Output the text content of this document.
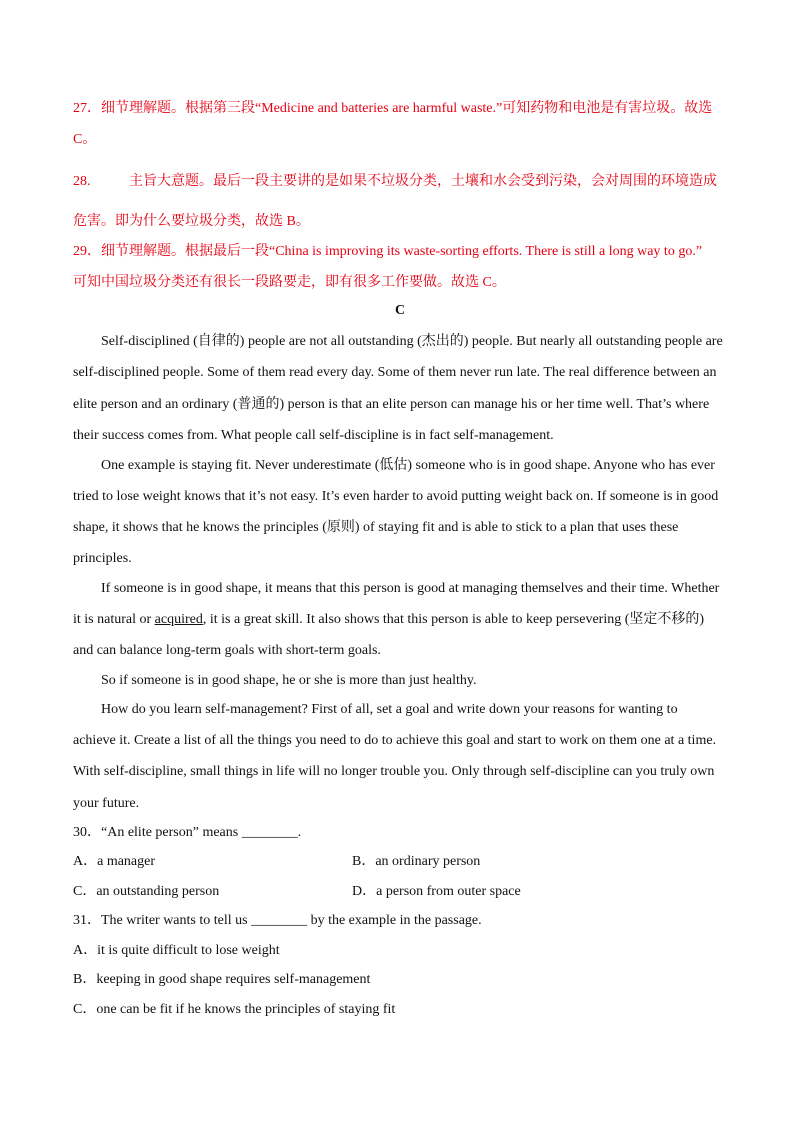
27．细节理解题。根据第三段“Medicine and batteries are harmful waste.”可知药物和电池是有害垃圾。故选
C。
28.	主旨大意题。最后一段主要讲的是如果不垃圾分类，土壤和水会受到污染，会对周围的环境造成
危害。即为什么要垃圾分类，故选 B。
29．细节理解题。根据最后一段“China is improving its waste-sorting efforts. There is still a long way to go.”
可知中国垃圾分类还有很长一段路要走，即有很多工作要做。故选 C。
C
Self-disciplined (自律的) people are not all outstanding (杰出的) people. But nearly all outstanding people are
self-disciplined people. Some of them read every day. Some of them never run late. The real difference between an
elite person and an ordinary (普通的) person is that an elite person can manage his or her time well. That’s where
their success comes from. What people call self-discipline is in fact self-management.
One example is staying fit. Never underestimate (低估) someone who is in good shape. Anyone who has ever
tried to lose weight knows that it’s not easy. It’s even harder to avoid putting weight back on. If someone is in good
shape, it shows that he knows the principles (原则) of staying fit and is able to stick to a plan that uses these
principles.
If someone is in good shape, it means that this person is good at managing themselves and their time. Whether
it is natural or acquired, it is a great skill. It also shows that this person is able to keep persevering (坚定不移的)
and can balance long-term goals with short-term goals.
So if someone is in good shape, he or she is more than just healthy.
How do you learn self-management? First of all, set a goal and write down your reasons for wanting to
achieve it. Create a list of all the things you need to do to achieve this goal and start to work on them one at a time.
With self-discipline, small things in life will no longer trouble you. Only through self-discipline can you truly own
your future.
30．“An elite person” means ________.
A．a manager	B．an ordinary person
C．an outstanding person	D．a person from outer space
31．The writer wants to tell us ________ by the example in the passage.
A．it is quite difficult to lose weight
B．keeping in good shape requires self-management
C．one can be fit if he knows the principles of staying fit
